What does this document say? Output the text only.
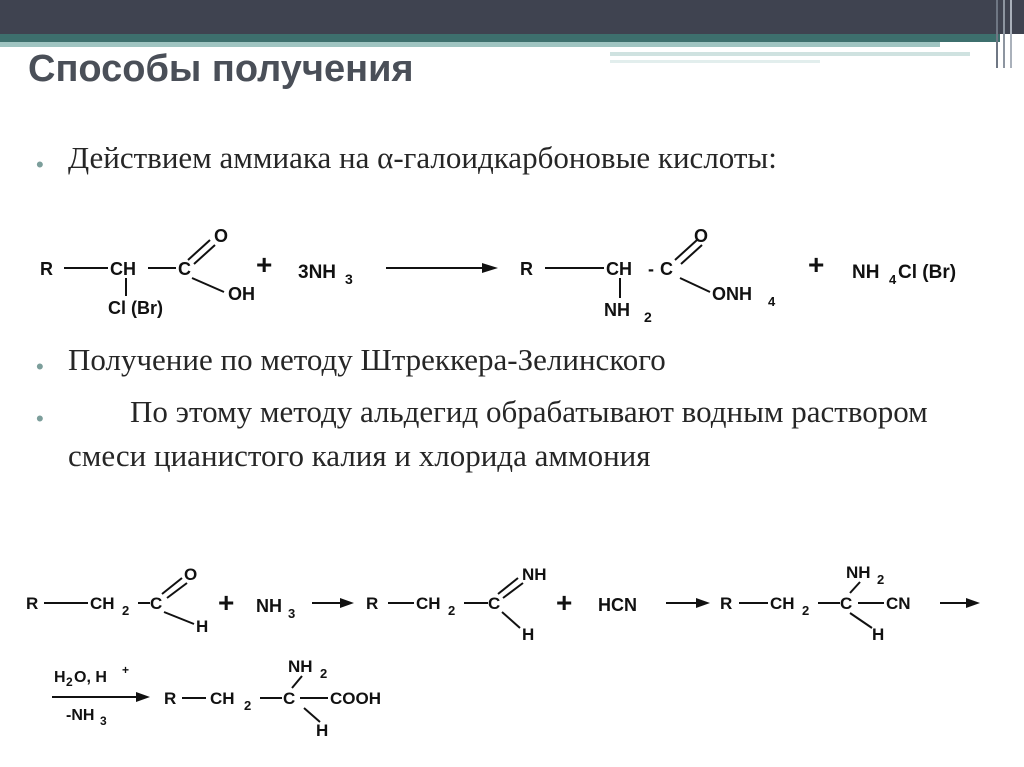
Способы получения
• Действием аммиака на α-галоидкарбоновые кислоты:
• Получение по методу Штреккера-Зелинского
•	По этому методу альдегид обрабатывают водным раствором смеси цианистого калия и хлорида аммония
R	CH C
O
OH
Cl (Br)
+ 3NH 3	R	CH - C
O
ONH 4
NH 2
+ NH 4 Cl (Br)
R	CH 2 C
O
H
+ NH 3
R CH 2 C
NH
H
+ HCN	R CH 2 C CN
NH 2
H
H 2 O, H +
-NH 3
R CH 2 C COOH
NH 2
H
